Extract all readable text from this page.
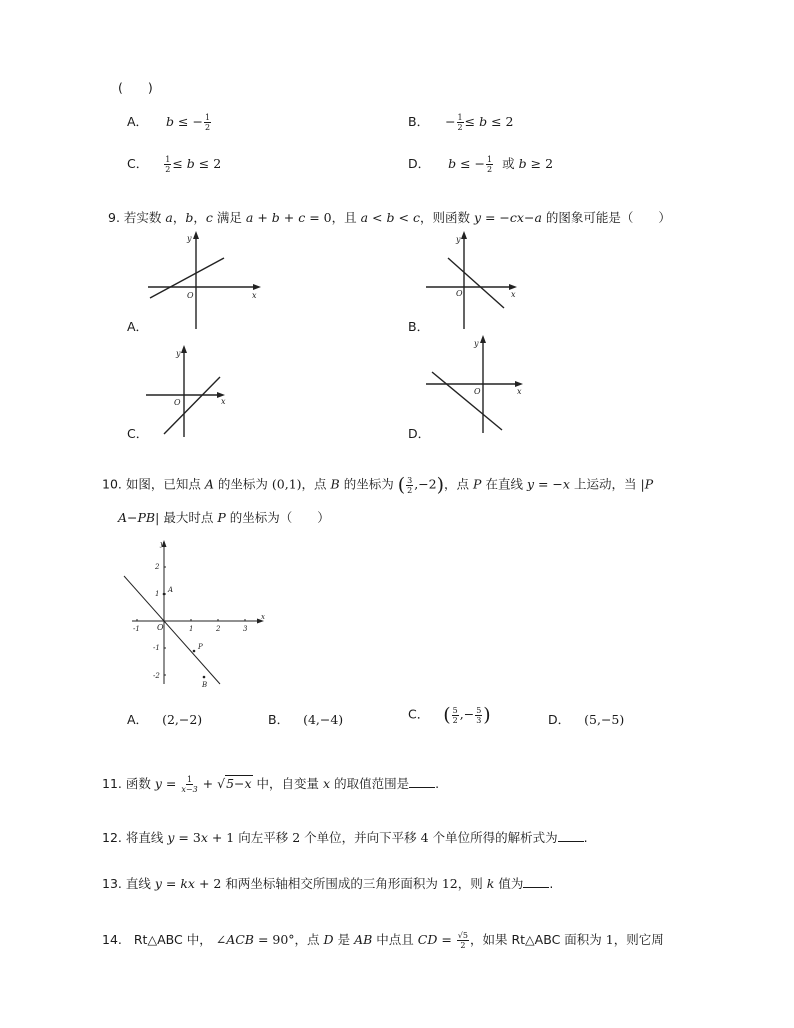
(　　)
A． b ≤ − $\frac{1}{2}$	B． − $\frac{1}{2} \le b \le 2$
C． $\frac{1}{2} \le b \le 2$	D． b ≤ − $\frac{1}{2}$ 或 b ≥ 2
9. 若实数 a，b，c 满足 a + b + c = 0，且 a < b < c，则函数 y = −cx−a 的图象可能是（　　）
y
x
O
A．
y
x
O
B．
y
x
O
C．
y
x
O
D．
10. 如图，已知点 A 的坐标为 (0,1)，点 B 的坐标为 ( $\frac{3}{2} ,-2$)，点 P 在直线 y = −x 上运动，当 |P
A−PB| 最大时点 P 的坐标为（　　）
-1	1	2	3
2
1
-1
-2
A
P
B
O
x
y
A． (2,−2)	B． (4,−4)	C． ( $\frac{5}{2}$ ,− $\frac{5}{3}$ )	D． (5,−5)
11. 函数 $y = \frac{1}{x-3} + √5-x$ 中，自变量 x 的取值范围是 .
12. 将直线 y = 3x + 1 向左平移 2 个单位，并向下平移 4 个单位所得的解析式为 .
13. 直线 y = kx + 2 和两坐标轴相交所围成的三角形面积为 12，则 k 值为 .
14. Rt△ABC 中， ∠ACB = 90°，点 D 是 AB 中点且 CD = $\frac{√5}{2}$ ，如果 Rt△ABC 面积为 1，则它周
